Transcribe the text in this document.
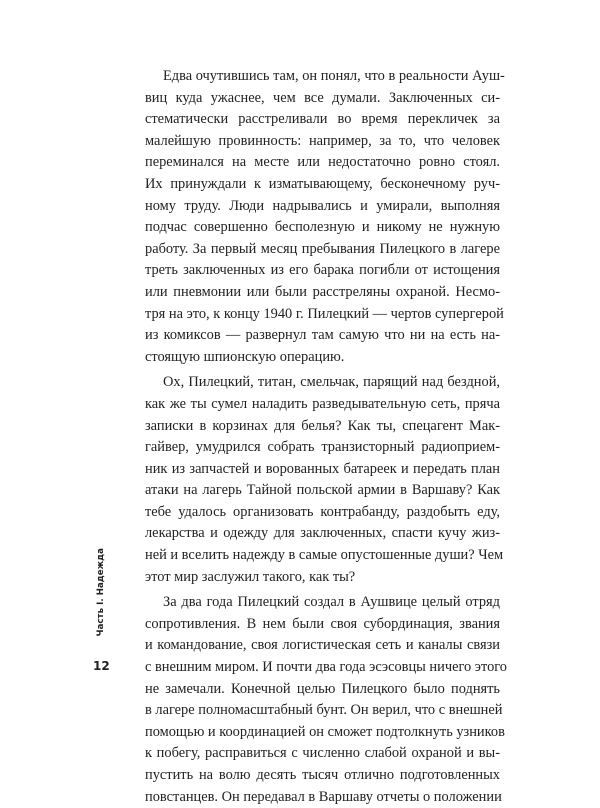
Едва очутившись там, он понял, что в реальности Ауш-
виц куда ужаснее, чем все думали. Заключенных си-
стематически расстреливали во время перекличек за
малейшую провинность: например, за то, что человек
переминался на месте или недостаточно ровно стоял.
Их принуждали к изматывающему, бесконечному руч-
ному труду. Люди надрывались и умирали, выполняя
подчас совершенно бесполезную и никому не нужную
работу. За первый месяц пребывания Пилецкого в лагере
треть заключенных из его барака погибли от истощения
или пневмонии или были расстреляны охраной. Несмо-
тря на это, к концу 1940 г. Пилецкий — чертов супергерой
из комиксов — развернул там самую что ни на есть на-
стоящую шпионскую операцию.
Ох, Пилецкий, титан, смельчак, парящий над бездной,
как же ты сумел наладить разведывательную сеть, пряча
записки в корзинах для белья? Как ты, спецагент Мак-
гайвер, умудрился собрать транзисторный радиоприем-
ник из запчастей и ворованных батареек и передать план
атаки на лагерь Тайной польской армии в Варшаву? Как
тебе удалось организовать контрабанду, раздобыть еду,
лекарства и одежду для заключенных, спасти кучу жиз-
ней и вселить надежду в самые опустошенные души? Чем
этот мир заслужил такого, как ты?
За два года Пилецкий создал в Аушвице целый отряд
сопротивления. В нем были своя субординация, звания
и командование, своя логистическая сеть и каналы связи
с внешним миром. И почти два года эсэсовцы ничего этого
не замечали. Конечной целью Пилецкого было поднять
в лагере полномасштабный бунт. Он верил, что с внешней
помощью и координацией он сможет подтолкнуть узников
к побегу, расправиться с численно слабой охраной и вы-
пустить на волю десять тысяч отлично подготовленных
повстанцев. Он передавал в Варшаву отчеты о положении
Часть I. Надежда
12
